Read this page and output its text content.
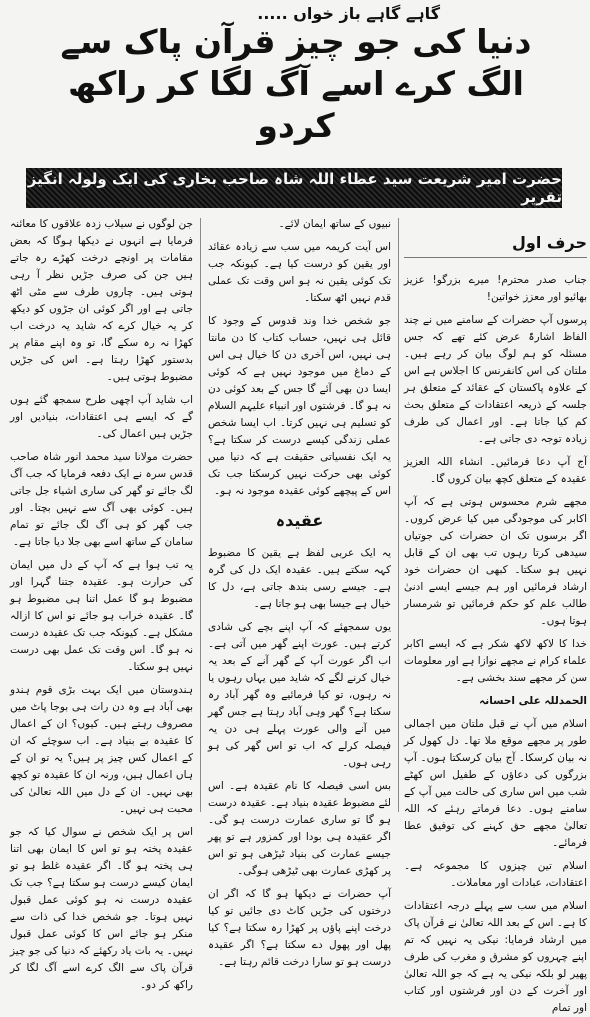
گاہے گاہے باز خواں .....
دنیا کی جو چیز قرآن پاک سے الگ کرے اسے آگ لگا کر راکھ کردو
حضرت امیر شریعت سید عطاء اللہ شاہ صاحب بخاری کی ایک ولولہ انگیز تقریر
حرف اول

جناب صدر محترم! میرے بزرگو! عزیز بھائیو اور معزز خواتین!

پرسوں آپ حضرات کے سامنے میں نے چند الفاظ اشارۃً عرض کئے تھے کہ جس مسئلہ کو ہم لوگ بیان کر رہے ہیں۔ ملتان کی اس کانفرنس کا اجلاس ہے اس کے علاوہ پاکستان کے عقائد کے متعلق ہر جلسہ کے ذریعہ اعتقادات کے متعلق بحث کم کیا جاتا ہے۔ اور اعمال کی طرف زیادہ توجہ دی جاتی ہے۔

آج آپ دعا فرمائیں۔ انشاء اللہ العزیز عقیدہ کے متعلق کچھ بیان کروں گا۔

مجھے شرم محسوس ہوتی ہے کہ آپ اکابر کی موجودگی میں کیا عرض کروں۔ اگر برسوں تک ان حضرات کی جوتیاں سیدھی کرتا رہوں تب بھی ان کے قابل نہیں ہو سکتا۔ کبھی ان حضرات خود ارشاد فرمائیں اور ہم جیسے ایسے ادنیٰ طالب علم کو حکم فرمائیں تو شرمسار ہوتا ہوں۔

خدا کا لاکھ لاکھ شکر ہے کہ ایسے اکابر علماء کرام نے مجھے نوازا ہے اور معلومات سن کر مجھے سند بخشی ہے۔

الحمدللہ علی احسانہ

اسلام میں آپ نے قبل ملتان میں اجمالی طور پر مجھے موقع ملا تھا۔ دل کھول کر نہ بیان کرسکا۔ آج بیان کرسکتا ہوں۔ آپ بزرگوں کی دعاؤں کے طفیل اس کھٹے شب میں اس ساری کی حالت میں آپ کے سامنے ہوں۔ دعا فرماتے رہئے کہ اللہ تعالیٰ مجھے حق کہنے کی توفیق عطا فرمائے۔

اسلام تین چیزوں کا مجموعہ ہے۔ اعتقادات، عبادات اور معاملات۔

اسلام میں سب سے پہلے درجہ اعتقادات کا ہے۔ اس کے بعد اللہ تعالیٰ نے قرآن پاک میں ارشاد فرمایا: نیکی یہ نہیں کہ تم اپنے چہروں کو مشرق و مغرب کی طرف پھیر لو بلکہ نیکی یہ ہے کہ جو اللہ تعالیٰ اور آخرت کے دن اور فرشتوں اور کتاب اور تمام

نبیوں کے ساتھ ایمان لائے۔

اس آیت کریمہ میں سب سے زیادہ عقائد اور یقین کو درست کیا ہے۔ کیونکہ جب تک کوئی یقین نہ ہو اس وقت تک عملی قدم نہیں اٹھ سکتا۔

جو شخص خدا وند قدوس کے وجود کا قائل ہی نہیں، حساب کتاب کا دن مانتا ہی نہیں، اس آخری دن کا خیال ہی اس کے دماغ میں موجود نہیں ہے کہ کوئی ایسا دن بھی آئے گا جس کے بعد کوئی دن نہ ہو گا۔ فرشتوں اور انبیاء علیہم السلام کو تسلیم ہی نہیں کرتا۔ اب ایسا شخص عملی زندگی کیسے درست کر سکتا ہے؟ یہ ایک نفسیاتی حقیقت ہے کہ دنیا میں کوئی بھی حرکت نہیں کرسکتا جب تک اس کے پیچھے کوئی عقیدہ موجود نہ ہو۔

عقیدہ

یہ ایک عربی لفظ ہے یقین کا مضبوط کہہ سکتے ہیں۔ عقیدہ ایک دل کی گرہ ہے۔ جیسے رسی بندھ جاتی ہے، دل کا خیال ہے جیسا بھی ہو جاتا ہے۔

یوں سمجھئے کہ آپ اپنے بچے کی شادی کرتے ہیں۔ عورت اپنے گھر میں آتی ہے۔ اب اگر عورت آپ کے گھر آنے کے بعد یہ خیال کرنے لگے کہ شاید میں یہاں رہوں یا نہ رہوں، تو کیا فرمائیے وہ گھر آباد رہ سکتا ہے؟ گھر وہی آباد رہتا ہے جس گھر میں آنے والی عورت پہلے ہی دن یہ فیصلہ کرلے کہ اب تو اس گھر کی ہو رہی ہوں۔

بس اسی فیصلہ کا نام عقیدہ ہے۔ اس لئے مضبوط عقیدہ بنیاد ہے۔ عقیدہ درست ہو گا تو ساری عمارت درست ہو گی۔ اگر عقیدہ ہی بودا اور کمزور ہے تو پھر جیسے عمارت کی بنیاد ٹیڑھی ہو تو اس پر کھڑی عمارت بھی ٹیڑھی ہوگی۔

آپ حضرات نے دیکھا ہو گا کہ اگر ان درختوں کی جڑیں کاٹ دی جائیں تو کیا درخت اپنے پاؤں پر کھڑا رہ سکتا ہے؟ کیا پھل اور پھول دے سکتا ہے؟ اگر عقیدہ درست ہو تو سارا درخت قائم رہتا ہے۔

جن لوگوں نے سیلاب زدہ علاقوں کا معائنہ فرمایا ہے انہوں نے دیکھا ہوگا کہ بعض مقامات پر اونچے درخت کھڑے رہ جاتے ہیں جن کی صرف جڑیں نظر آ رہی ہوتی ہیں۔ چاروں طرف سے مٹی اٹھ جاتی ہے اور اگر کوئی ان جڑوں کو دیکھ کر یہ خیال کرے کہ شاید یہ درخت اب کھڑا نہ رہ سکے گا، تو وہ اپنے مقام پر بدستور کھڑا رہتا ہے۔ اس کی جڑیں مضبوط ہوتی ہیں۔

اب شاید آپ اچھی طرح سمجھ گئے ہوں گے کہ ایسے ہی اعتقادات، بنیادیں اور جڑیں ہیں اعمال کی۔

حضرت مولانا سید محمد انور شاہ صاحب قدس سرہ نے ایک دفعہ فرمایا کہ جب آگ لگ جائے تو گھر کی ساری اشیاء جل جاتی ہیں۔ کوئی بھی آگ سے نہیں بچتا۔ اور جب گھر کو ہی آگ لگ جائے تو تمام سامان کے ساتھ اسے بھی جلا دیا جاتا ہے۔

یہ تب ہوا ہے کہ آپ کے دل میں ایمان کی حرارت ہو۔ عقیدہ جتنا گہرا اور مضبوط ہو گا عمل اتنا ہی مضبوط ہو گا۔ عقیدہ خراب ہو جائے تو اس کا ازالہ مشکل ہے۔ کیونکہ جب تک عقیدہ درست نہ ہو گا۔ اس وقت تک عمل بھی درست نہیں ہو سکتا۔

ہندوستان میں ایک بہت بڑی قوم ہندو بھی آباد ہے وہ دن رات ہی بوجا پاٹ میں مصروف رہتے ہیں۔ کیوں؟ ان کے اعمال کا عقیدہ بے بنیاد ہے۔ اب سوچئے کہ ان کے اعمال کس چیز پر ہیں؟ یہ تو ان کے ہاں اعمال ہیں، ورنہ ان کا عقیدہ تو کچھ بھی نہیں۔ ان کے دل میں اللہ تعالیٰ کی محبت ہی نہیں۔

اس پر ایک شخص نے سوال کیا کہ جو عقیدہ پختہ ہو تو اس کا ایمان بھی اتنا ہی پختہ ہو گا۔ اگر عقیدہ غلط ہو تو ایمان کیسے درست ہو سکتا ہے؟ جب تک عقیدہ درست نہ ہو کوئی عمل قبول نہیں ہوتا۔ جو شخص خدا کی ذات سے منکر ہو جائے اس کا کوئی عمل قبول نہیں۔ یہ بات یاد رکھئے کہ دنیا کی جو چیز قرآن پاک سے الگ کرے اسے آگ لگا کر راکھ کر دو۔
